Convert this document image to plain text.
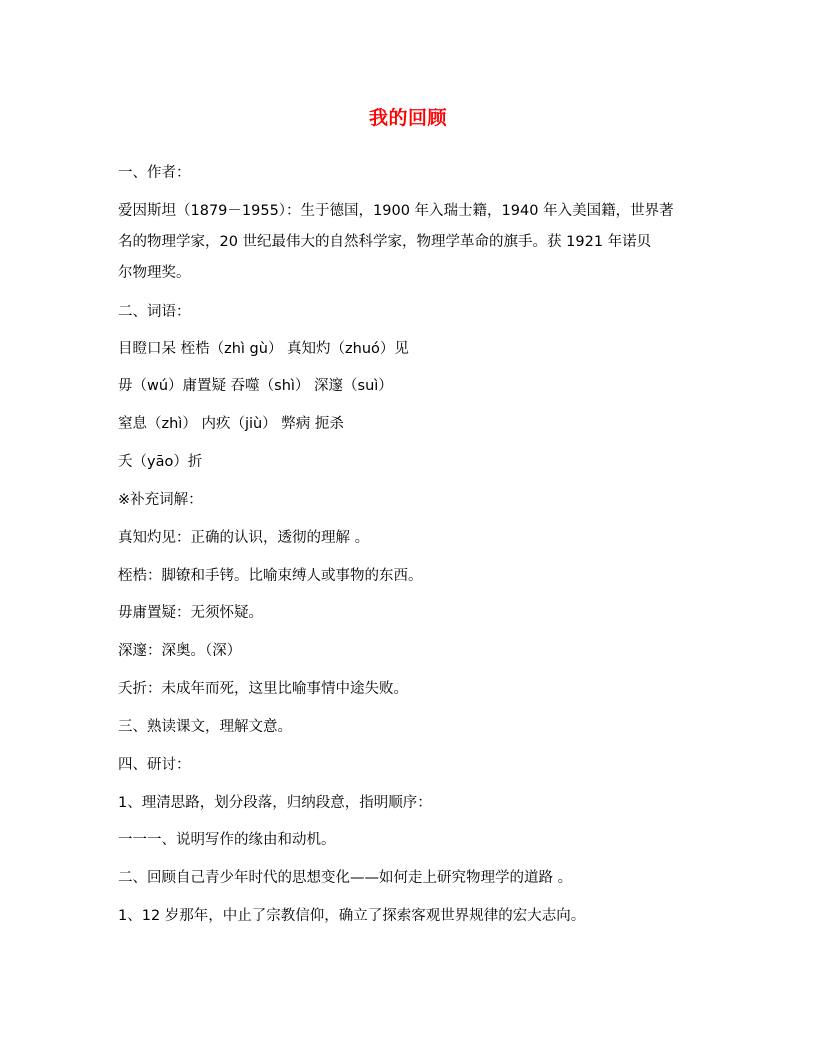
我的回顾
一、作者：
爱因斯坦（1879－1955）：生于德国，1900 年入瑞士籍，1940 年入美国籍，世界著
名的物理学家，20 世纪最伟大的自然科学家，物理学革命的旗手。获 1921 年诺贝
尔物理奖。
二、词语：
目瞪口呆 桎梏（zhì gù） 真知灼（zhuó）见
毋（wú）庸置疑 吞噬（shì） 深邃（suì）
窒息（zhì） 内疚（jiù） 弊病 扼杀
夭（yāo）折
※补充词解：
真知灼见：正确的认识，透彻的理解 。
桎梏：脚镣和手铐。比喻束缚人或事物的东西。
毋庸置疑：无须怀疑。
深邃：深奥。（深）
夭折：未成年而死，这里比喻事情中途失败。
三、熟读课文，理解文意。
四、研讨：
1、理清思路，划分段落，归纳段意，指明顺序：
一一一、说明写作的缘由和动机。
二、回顾自己青少年时代的思想变化——如何走上研究物理学的道路 。
1、12 岁那年，中止了宗教信仰，确立了探索客观世界规律的宏大志向。
